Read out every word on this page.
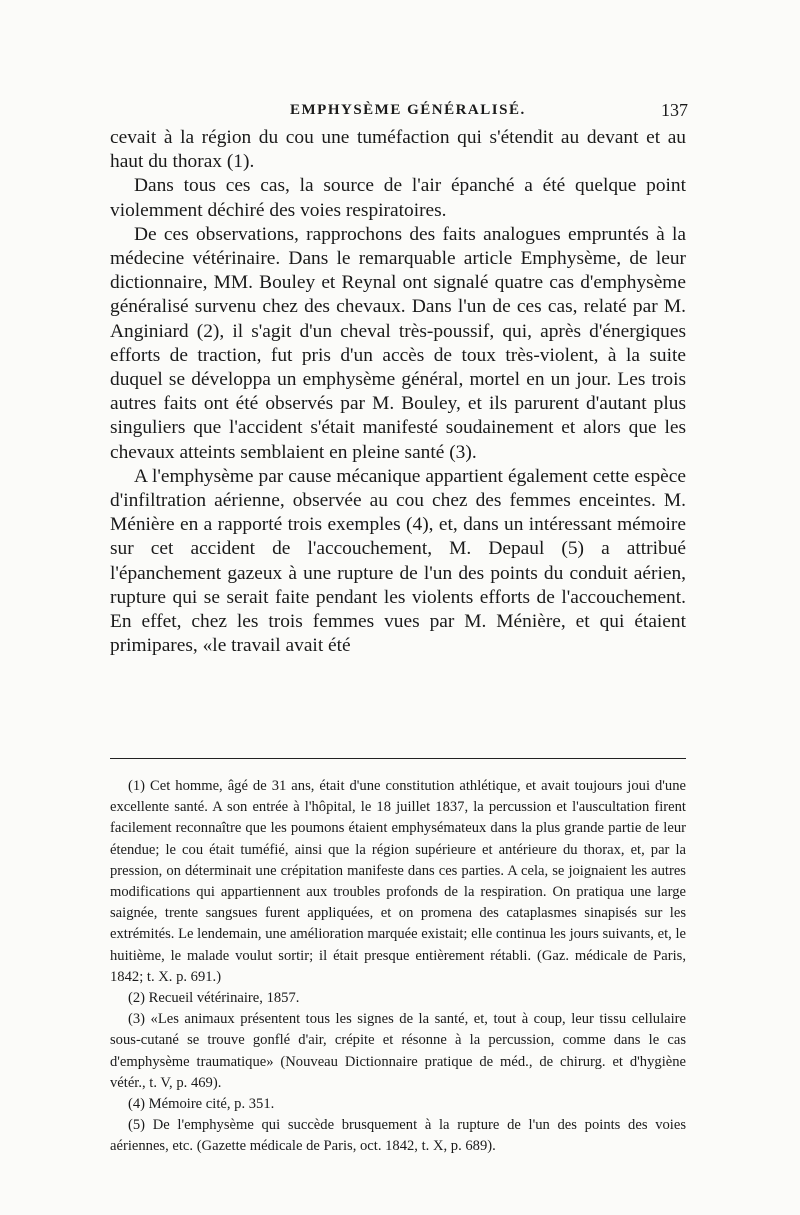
EMPHYSÈME GÉNÉRALISÉ.	137

cevait à la région du cou une tuméfaction qui s'étendit au devant et au haut du thorax (1).

Dans tous ces cas, la source de l'air épanché a été quelque point violemment déchiré des voies respiratoires.

De ces observations, rapprochons des faits analogues empruntés à la médecine vétérinaire. Dans le remarquable article Emphysème, de leur dictionnaire, MM. Bouley et Reynal ont signalé quatre cas d'emphysème généralisé survenu chez des chevaux. Dans l'un de ces cas, relaté par M. Anginiard (2), il s'agit d'un cheval très-poussif, qui, après d'énergiques efforts de traction, fut pris d'un accès de toux très-violent, à la suite duquel se développa un emphysème général, mortel en un jour. Les trois autres faits ont été observés par M. Bouley, et ils parurent d'autant plus singuliers que l'accident s'était manifesté soudainement et alors que les chevaux atteints semblaient en pleine santé (3).

A l'emphysème par cause mécanique appartient également cette espèce d'infiltration aérienne, observée au cou chez des femmes enceintes. M. Ménière en a rapporté trois exemples (4), et, dans un intéressant mémoire sur cet accident de l'accouchement, M. Depaul (5) a attribué l'épanchement gazeux à une rupture de l'un des points du conduit aérien, rupture qui se serait faite pendant les violents efforts de l'accouchement. En effet, chez les trois femmes vues par M. Ménière, et qui étaient primipares, «le travail avait été

(1) Cet homme, âgé de 31 ans, était d'une constitution athlétique, et avait toujours joui d'une excellente santé. A son entrée à l'hôpital, le 18 juillet 1837, la percussion et l'auscultation firent facilement reconnaître que les poumons étaient emphysémateux dans la plus grande partie de leur étendue; le cou était tuméfié, ainsi que la région supérieure et antérieure du thorax, et, par la pression, on déterminait une crépitation manifeste dans ces parties. A cela, se joignaient les autres modifications qui appartiennent aux troubles profonds de la respiration. On pratiqua une large saignée, trente sangsues furent appliquées, et on promena des cataplasmes sinapisés sur les extrémités. Le lendemain, une amélioration marquée existait; elle continua les jours suivants, et, le huitième, le malade voulut sortir; il était presque entièrement rétabli. (Gaz. médicale de Paris, 1842; t. X. p. 691.)

(2) Recueil vétérinaire, 1857.

(3) «Les animaux présentent tous les signes de la santé, et, tout à coup, leur tissu cellulaire sous-cutané se trouve gonflé d'air, crépite et résonne à la percussion, comme dans le cas d'emphysème traumatique» (Nouveau Dictionnaire pratique de méd., de chirurg. et d'hygiène vétér., t. V, p. 469).

(4) Mémoire cité, p. 351.

(5) De l'emphysème qui succède brusquement à la rupture de l'un des points des voies aériennes, etc. (Gazette médicale de Paris, oct. 1842, t. X, p. 689).
